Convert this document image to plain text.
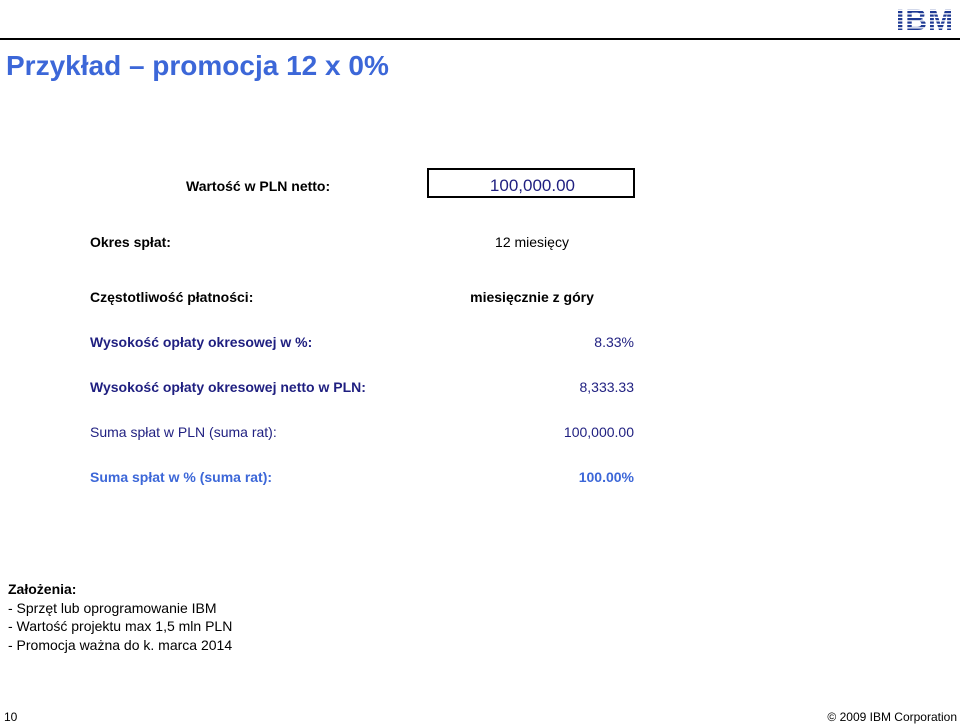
IBM
Przykład – promocja 12 x 0%
Wartość w PLN netto:	100,000.00
Okres spłat:	12 miesięcy
Częstotliwość płatności:	miesięcznie z góry
Wysokość opłaty okresowej w %:	8.33%
Wysokość opłaty okresowej netto w PLN:	8,333.33
Suma spłat w PLN (suma rat):	100,000.00
Suma spłat w % (suma rat):	100.00%
Założenia:
- Sprzęt lub oprogramowanie IBM
- Wartość projektu max 1,5 mln PLN
- Promocja ważna do k. marca 2014
10	© 2009 IBM Corporation
